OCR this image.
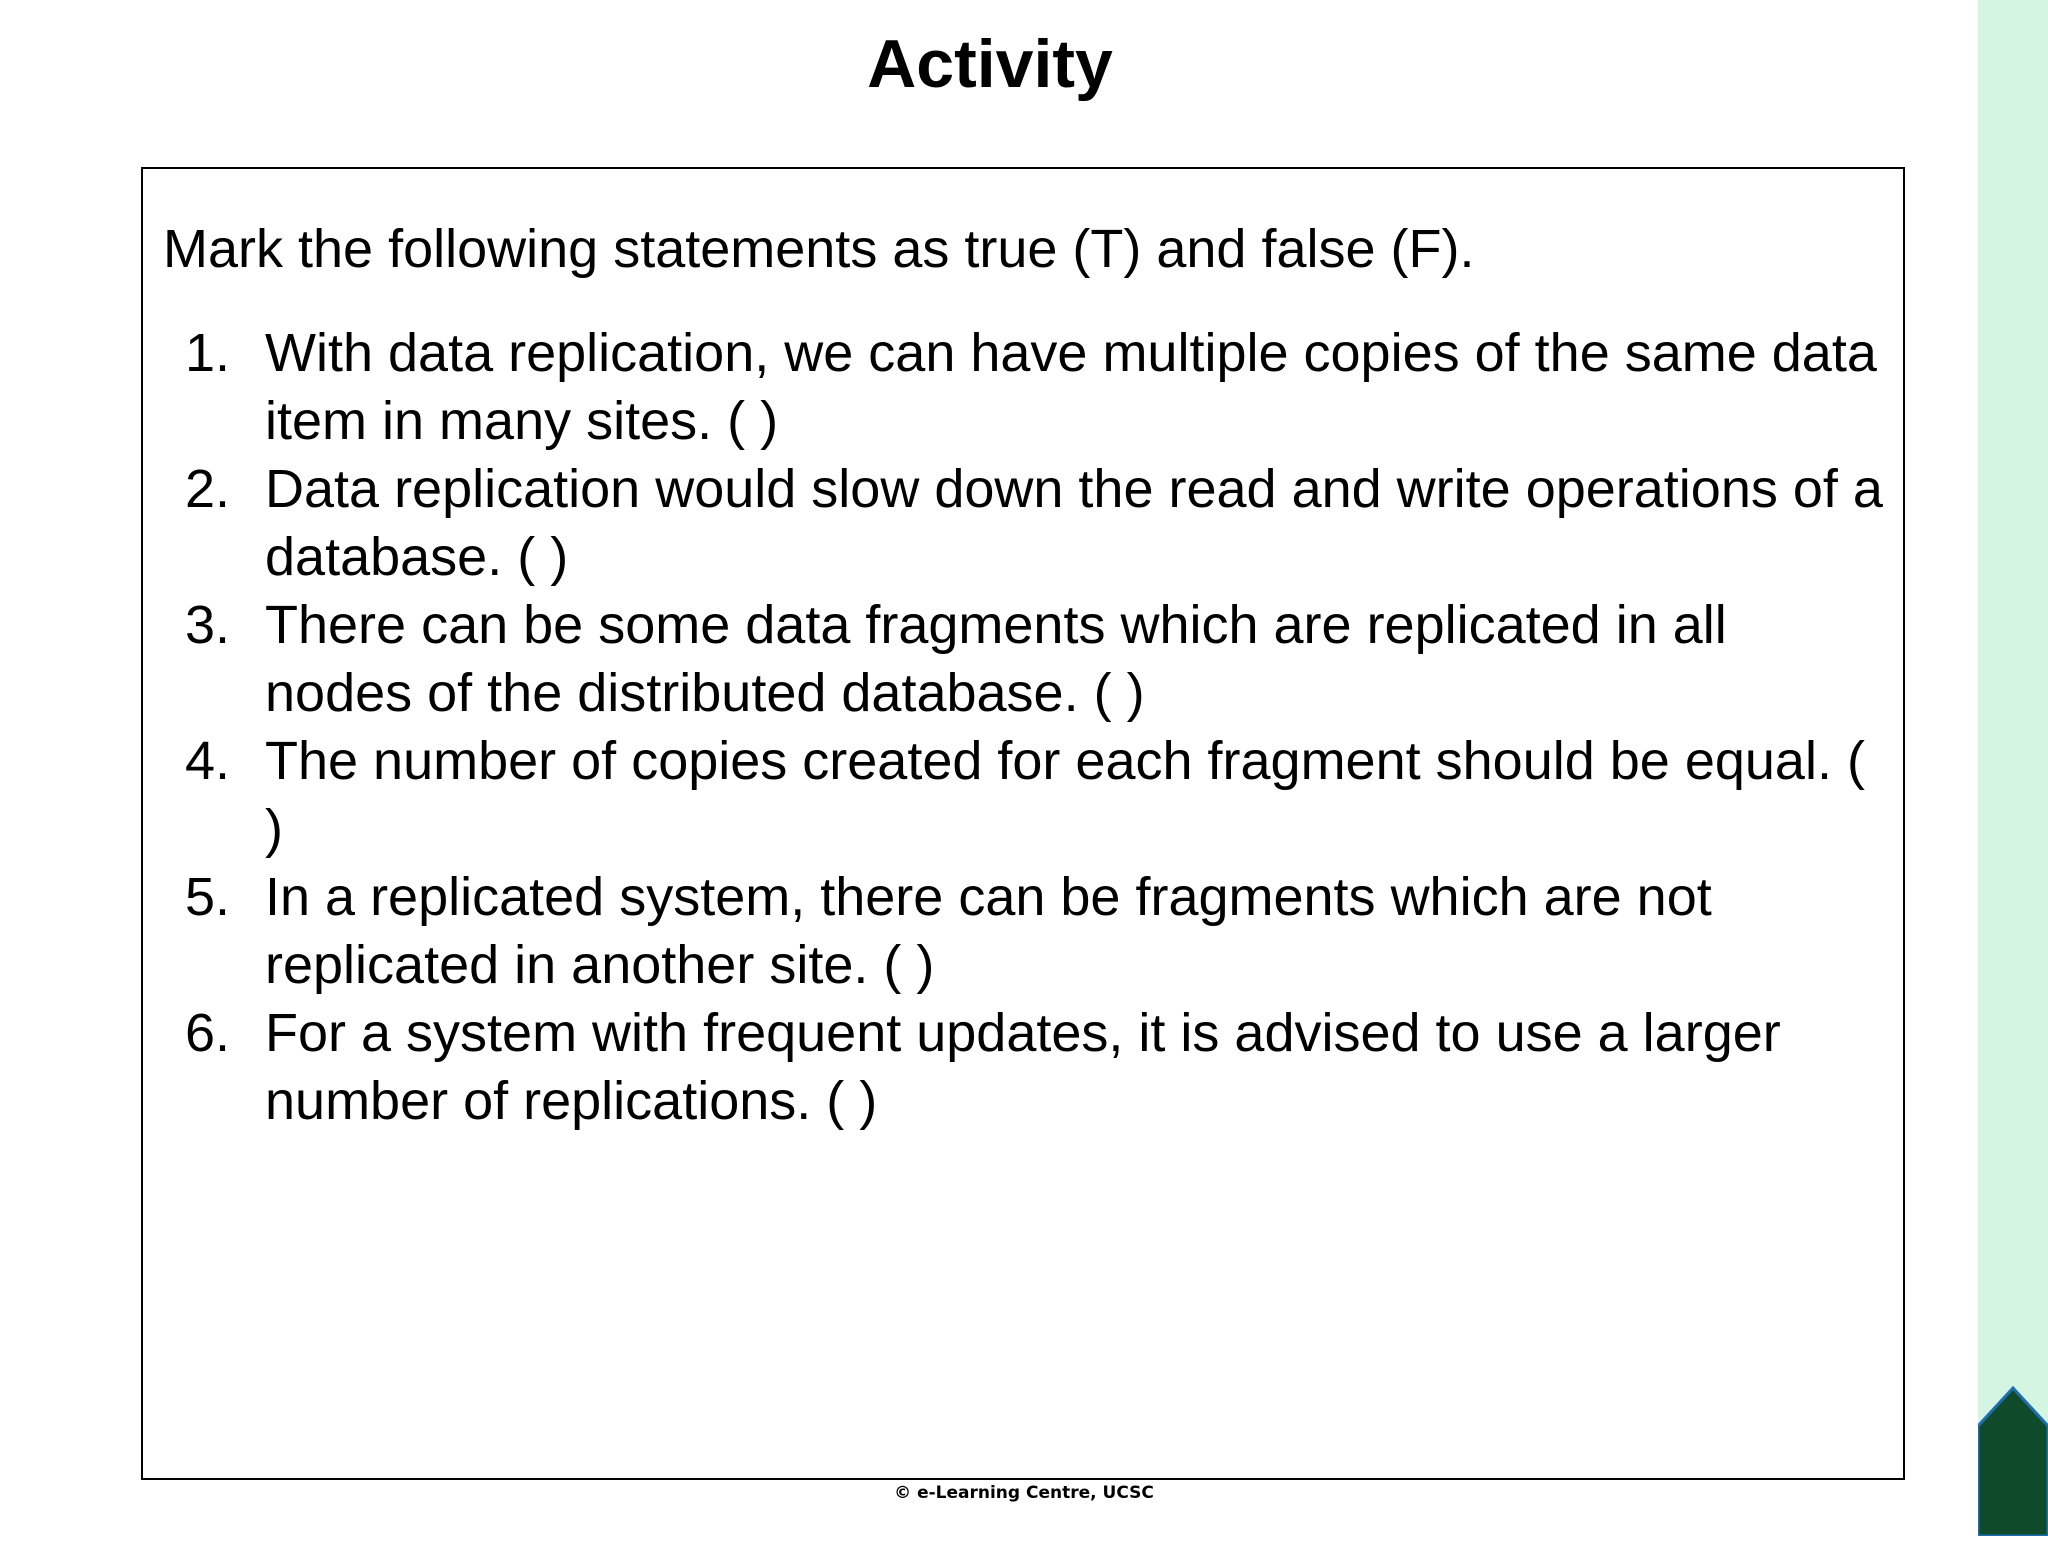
Activity
Mark the following statements as true (T) and false (F).
1. With data replication, we can have multiple copies of the same data item in many sites. ( )
2. Data replication would slow down the read and write operations of a database. ( )
3. There can be some data fragments which are replicated in all nodes of the distributed database. ( )
4. The number of copies created for each fragment should be equal. ( )
5. In a replicated system, there can be fragments which are not replicated in another site. ( )
6. For a system with frequent updates, it is advised to use a larger number of replications. ( )
© e-Learning Centre, UCSC
